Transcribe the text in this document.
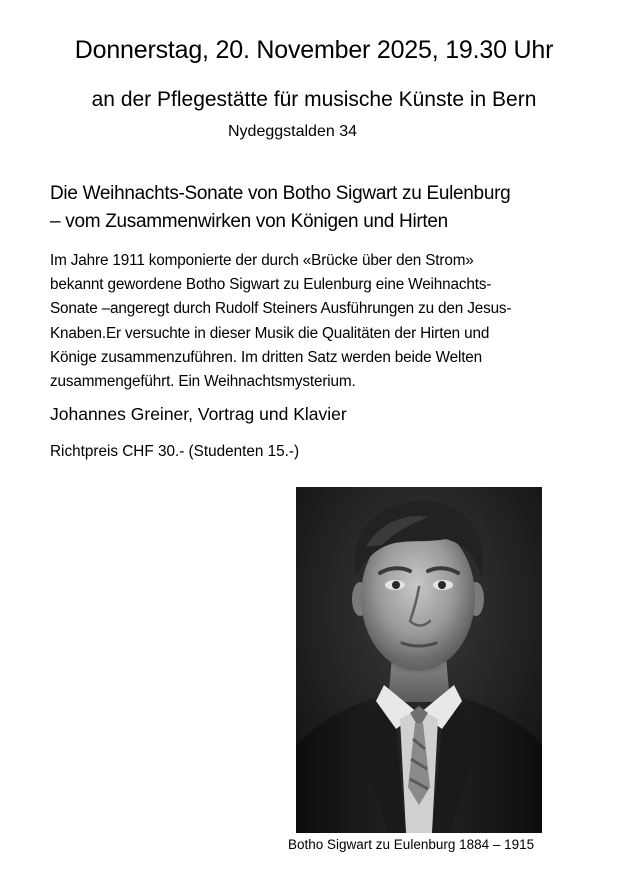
Donnerstag, 20. November 2025, 19.30 Uhr
an der Pflegestätte für musische Künste in Bern
Nydeggstalden 34
Die Weihnachts-Sonate von Botho Sigwart zu Eulenburg
– vom Zusammenwirken von Königen und Hirten
Im Jahre 1911 komponierte der durch «Brücke über den Strom»
bekannt gewordene Botho Sigwart zu Eulenburg eine Weihnachts-
Sonate –angeregt durch Rudolf Steiners Ausführungen zu den Jesus-
Knaben.Er versuchte in dieser Musik die Qualitäten der Hirten und
Könige zusammenzuführen. Im dritten Satz werden beide Welten
zusammengeführt. Ein Weihnachtsmysterium.
Johannes Greiner, Vortrag und Klavier
Richtpreis CHF 30.- (Studenten 15.-)
Botho Sigwart zu Eulenburg 1884 – 1915
